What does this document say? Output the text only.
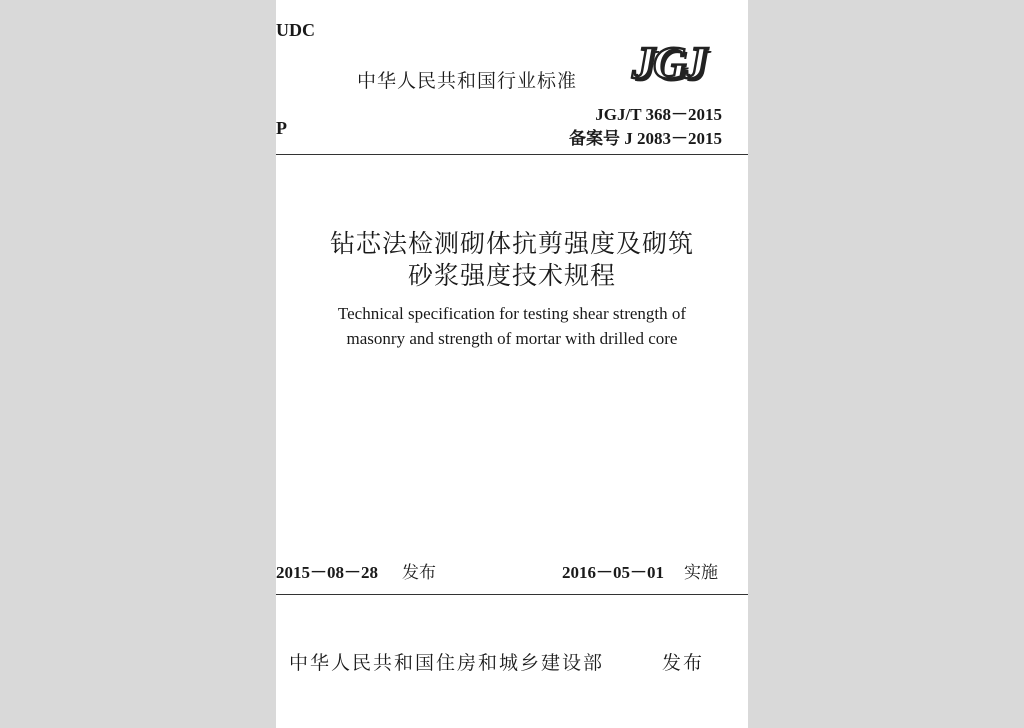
UDC
中华人民共和国行业标准 JGJ
P
JGJ/T 368－2015
备案号 J 2083－2015
钻芯法检测砌体抗剪强度及砌筑
砂浆强度技术规程
Technical specification for testing shear strength of
masonry and strength of mortar with drilled core
2015－08－28 发布	2016－05－01 实施
中华人民共和国住房和城乡建设部	发布
